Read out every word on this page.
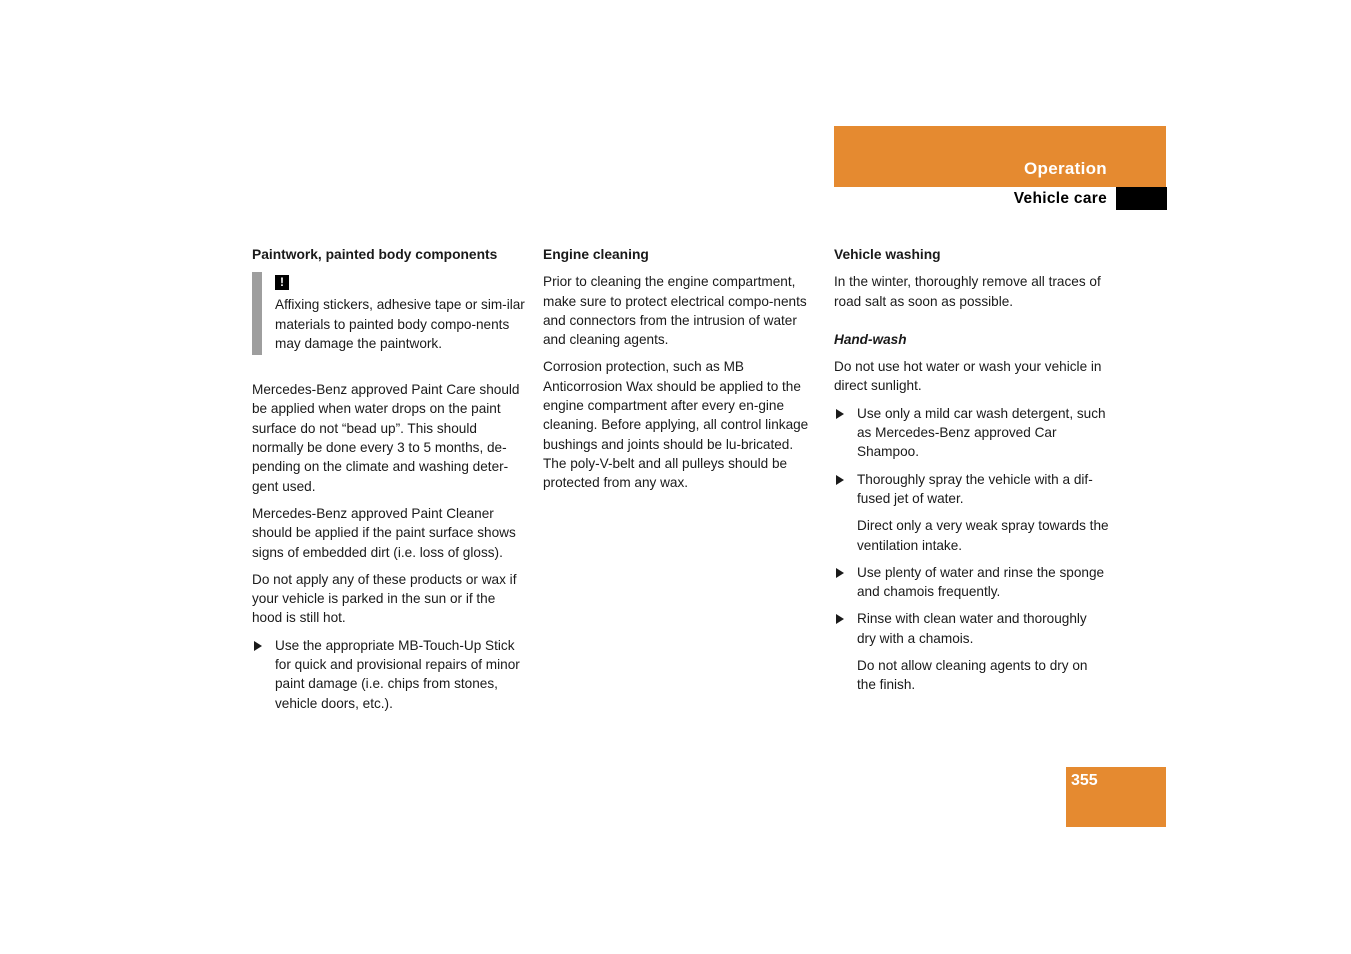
Operation
Vehicle care
Paintwork, painted body components
!
Affixing stickers, adhesive tape or sim-ilar materials to painted body compo-nents may damage the paintwork.

Mercedes-Benz approved Paint Care should be applied when water drops on the paint surface do not “bead up”. This should normally be done every 3 to 5 months, de-pending on the climate and washing deter-gent used.

Mercedes-Benz approved Paint Cleaner should be applied if the paint surface shows signs of embedded dirt (i.e. loss of gloss).

Do not apply any of these products or wax if your vehicle is parked in the sun or if the hood is still hot.

Use the appropriate MB-Touch-Up Stick for quick and provisional repairs of minor paint damage (i.e. chips from stones, vehicle doors, etc.).
Engine cleaning

Prior to cleaning the engine compartment, make sure to protect electrical compo-nents and connectors from the intrusion of water and cleaning agents.

Corrosion protection, such as MB Anticorrosion Wax should be applied to the engine compartment after every en-gine cleaning. Before applying, all control linkage bushings and joints should be lu-bricated. The poly-V-belt and all pulleys should be protected from any wax.

Vehicle washing

In the winter, thoroughly remove all traces of road salt as soon as possible.

Hand-wash

Do not use hot water or wash your vehicle in direct sunlight.

Use only a mild car wash detergent, such as Mercedes-Benz approved Car Shampoo.
Thoroughly spray the vehicle with a dif-fused jet of water.

Direct only a very weak spray towards the ventilation intake.

Use plenty of water and rinse the sponge and chamois frequently.
Rinse with clean water and thoroughly dry with a chamois.

Do not allow cleaning agents to dry on the finish.

355
